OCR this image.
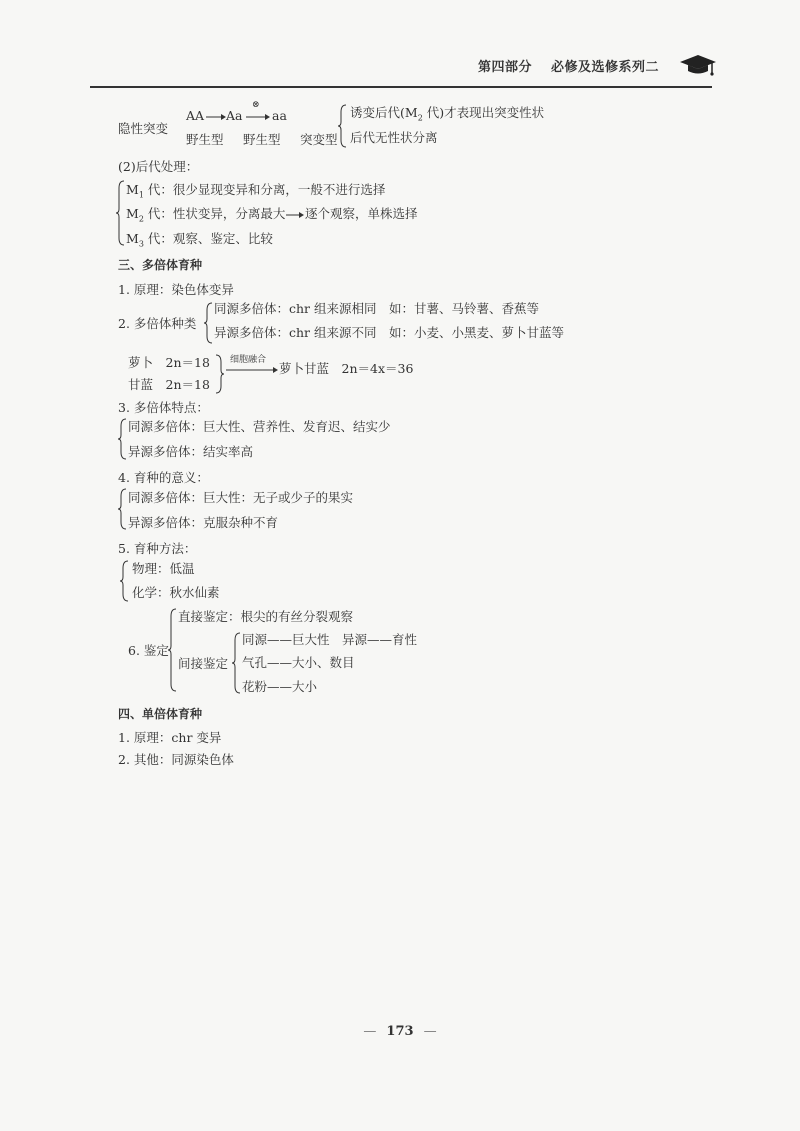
第四部分 必修及选修系列二
隐性突变
AA Aa
⊗
aa
野生型 野生型 突变型
诱变后代($M_2$ 代)才表现出突变性状
后代无性状分离
(2)后代处理：
$M_1$ 代：很少显现变异和分离，一般不进行选择
$M_2$ 代：性状变异，分离最大 逐个观察，单株选择
$M_3$ 代：观察、鉴定、比较
三、多倍体育种
1. 原理：染色体变异
2. 多倍体种类
同源多倍体：chr 组来源相同　如：甘薯、马铃薯、香蕉等
异源多倍体：chr 组来源不同　如：小麦、小黑麦、萝卜甘蓝等
萝卜　2n＝18
甘蓝　2n＝18
细胞融合
萝卜甘蓝　2n＝4x＝36
3. 多倍体特点：
同源多倍体：巨大性、营养性、发育迟、结实少
异源多倍体：结实率高
4. 育种的意义：
同源多倍体：巨大性：无子或少子的果实
异源多倍体：克服杂种不育
5. 育种方法：
物理：低温
化学：秋水仙素
6. 鉴定
直接鉴定：根尖的有丝分裂观察
间接鉴定
同源——巨大性　异源——育性
气孔——大小、数目
花粉——大小
四、单倍体育种
1. 原理：chr 变异
2. 其他：同源染色体
— 173 —
